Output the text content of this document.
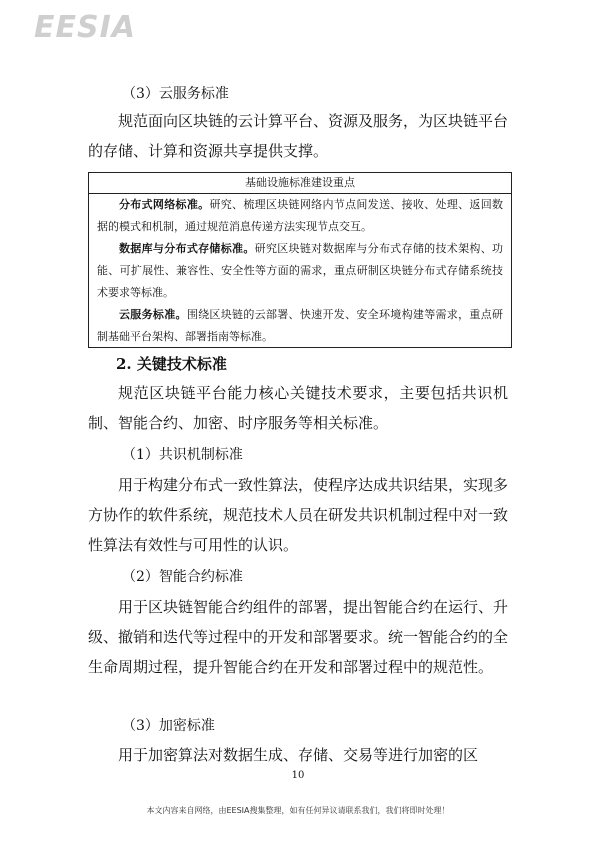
EESIA

（3）云服务标准

规范面向区块链的云计算平台、资源及服务，为区块链平台的存储、计算和资源共享提供支撑。

基础设施标准建设重点

分布式网络标准。研究、梳理区块链网络内节点间发送、接收、处理、返回数据的模式和机制，通过规范消息传递方法实现节点交互。

数据库与分布式存储标准。研究区块链对数据库与分布式存储的技术架构、功能、可扩展性、兼容性、安全性等方面的需求，重点研制区块链分布式存储系统技术要求等标准。

云服务标准。围绕区块链的云部署、快速开发、安全环境构建等需求，重点研制基础平台架构、部署指南等标准。

2. 关键技术标准

规范区块链平台能力核心关键技术要求，主要包括共识机制、智能合约、加密、时序服务等相关标准。

（1）共识机制标准

用于构建分布式一致性算法，使程序达成共识结果，实现多方协作的软件系统，规范技术人员在研发共识机制过程中对一致性算法有效性与可用性的认识。

（2）智能合约标准

用于区块链智能合约组件的部署，提出智能合约在运行、升级、撤销和迭代等过程中的开发和部署要求。统一智能合约的全生命周期过程，提升智能合约在开发和部署过程中的规范性。

（3）加密标准

用于加密算法对数据生成、存储、交易等进行加密的区

10
本文内容来自网络，由EESIA搜集整理，如有任何异议请联系我们，我们将即时处理！
